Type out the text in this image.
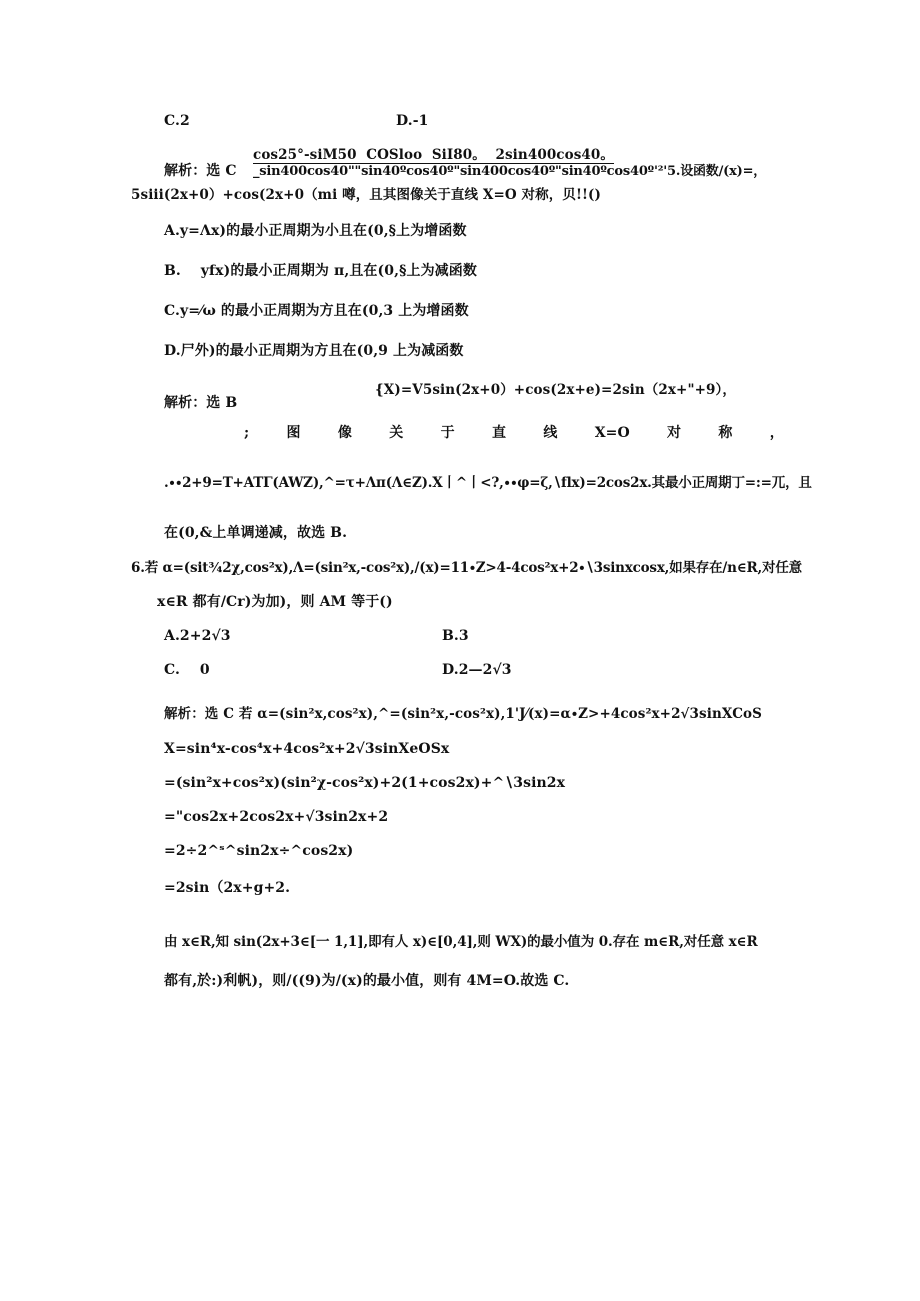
C.2	D.-1
cos25°-siM50  COSloo  SiI80。  2sin400cos40。
解析：选 C _sin400cos40""sin40ºcos40º"sin400cos40º"sin40ºcos40º'²'5.设函数/(x)=，
5siii(2x+0）+cos(2x+0（mi 噂，且其图像关于直线 X=O 对称，贝!!()
A.y=Λx)的最小正周期为小且在(0,§上为增函数
B.    yfx)的最小正周期为 π,且在(0,§上为减函数
C.y=⁄ω 的最小正周期为方且在(0,3 上为增函数
D.尸外)的最小正周期为方且在(0,9 上为减函数
{X)=V5sin(2x+0）+cos(2x+e)=2sin（2x+"+9），
解析：选 B
;	图	像	关	于	直	线	X=O	对	称	，
.∙∙2+9=T+ATΓ(AWZ),^=τ+Λπ(Λ∈Z).X丨^丨<?,∙∙φ=ζ,∖flx)=2cos2x.其最小正周期丁=:=兀，且
在(0,&上单调递减，故选 B.
6.若 α=(sit¾2χ,cos²x),Λ=(sin²x,-cos²x),/(x)=11∙Z>4-4cos²x+2∙∖3sinxcosx,如果存在/n∈R,对任意
x∈R 都有/Cr)为加)，则 AM 等于()
A.2+2√3	B.3
C.    0	D.2—2√3
解析：选 C 若 α=(sin²x,cos²x),^=(sin²x,-cos²x),1'J⁄(x)=α∙Z>+4cos²x+2√3sinXCoS
X=sin⁴x-cos⁴x+4cos²x+2√3sinXeOSx
=(sin²x+cos²x)(sin²χ-cos²x)+2(1+cos2x)+^∖3sin2x
="cos2x+2cos2x+√3sin2x+2
=2÷2^ˢ^sin2x÷^cos2x)
=2sin（2x+g+2.
由 x∈R,知 sin(2x+3∈[一 1,1],即有人 x)∈[0,4],则 WX)的最小值为 0.存在 m∈R,对任意 x∈R
都有,於:)利帆)，则/((9)为/(x)的最小值，则有 4M=O.故选 C.
